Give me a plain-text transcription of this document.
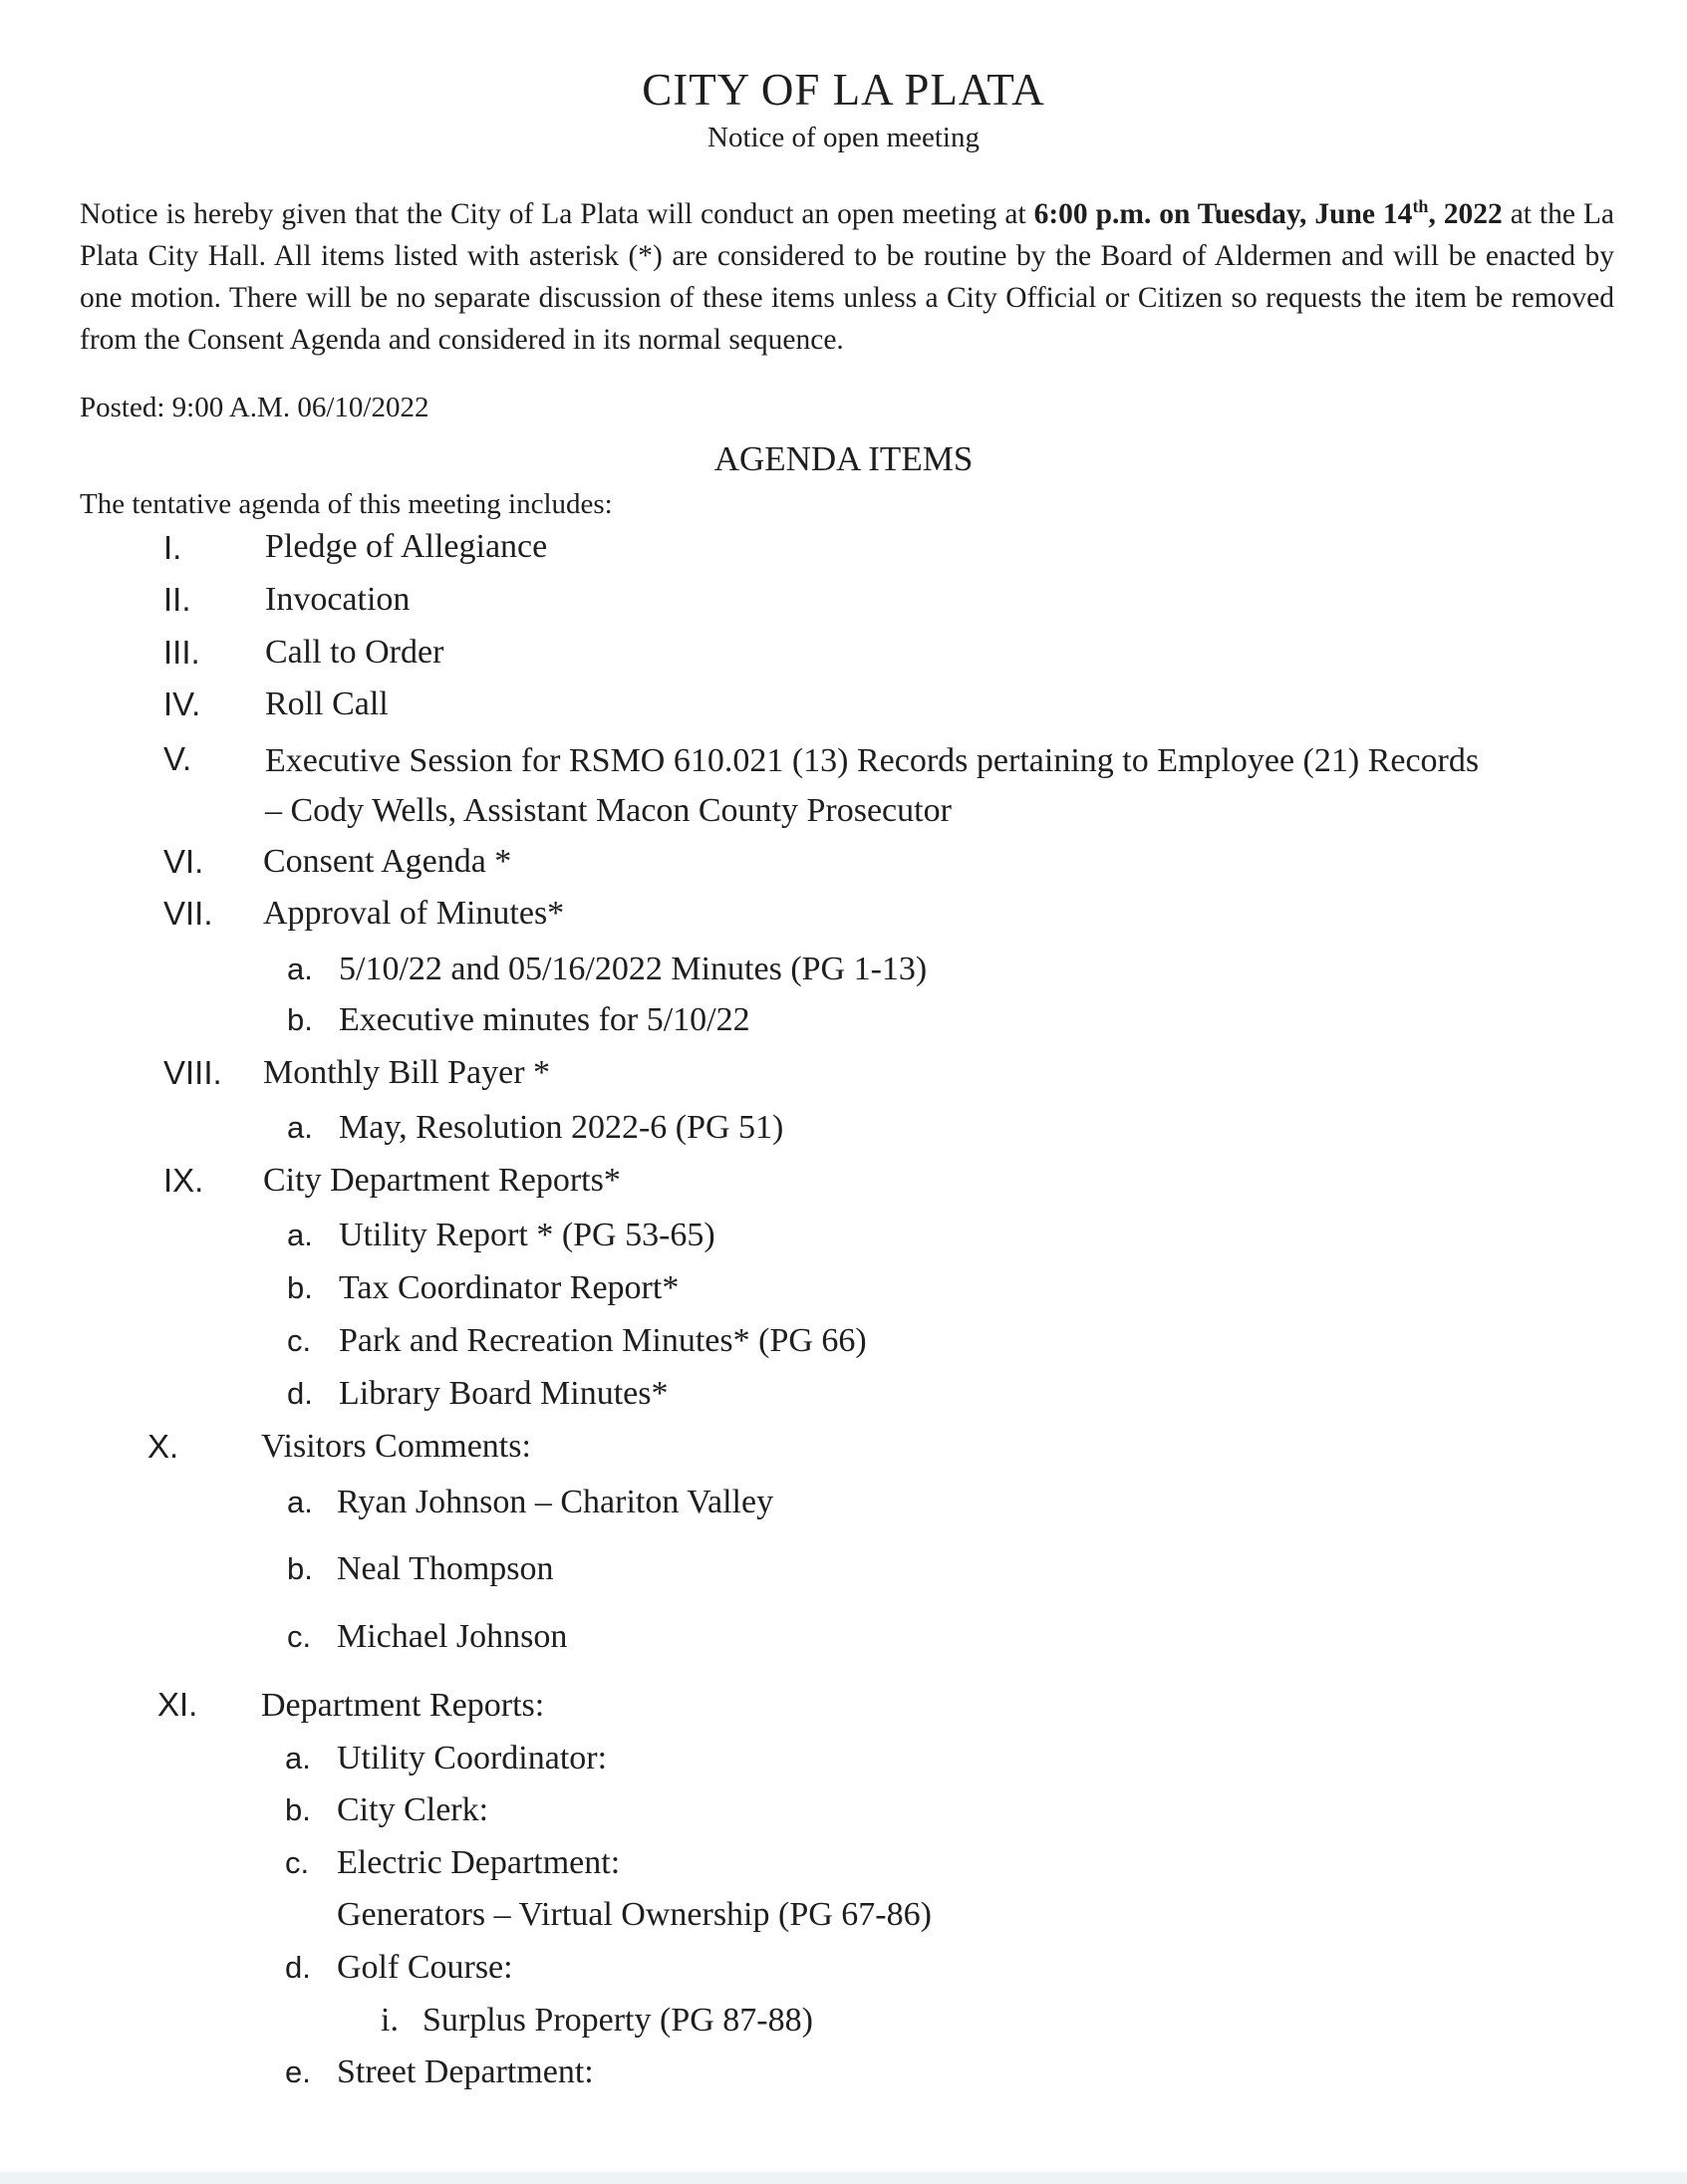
CITY OF LA PLATA
Notice of open meeting
Notice is hereby given that the City of La Plata will conduct an open meeting at 6:00 p.m. on Tuesday, June 14th, 2022 at the La Plata City Hall. All items listed with asterisk (*) are considered to be routine by the Board of Aldermen and will be enacted by one motion. There will be no separate discussion of these items unless a City Official or Citizen so requests the item be removed from the Consent Agenda and considered in its normal sequence.
Posted: 9:00 A.M. 06/10/2022
AGENDA ITEMS
The tentative agenda of this meeting includes:
I. Pledge of Allegiance
II. Invocation
III. Call to Order
IV. Roll Call
V. Executive Session for RSMO 610.021 (13) Records pertaining to Employee (21) Records
– Cody Wells, Assistant Macon County Prosecutor
VI. Consent Agenda *
VII. Approval of Minutes*
a. 5/10/22 and 05/16/2022 Minutes (PG 1-13)
b. Executive minutes for 5/10/22
VIII. Monthly Bill Payer *
a. May, Resolution 2022-6 (PG 51)
IX. City Department Reports*
a. Utility Report * (PG 53-65)
b. Tax Coordinator Report*
c. Park and Recreation Minutes* (PG 66)
d. Library Board Minutes*
X. Visitors Comments:
a. Ryan Johnson – Chariton Valley
b. Neal Thompson
c. Michael Johnson
XI. Department Reports:
a. Utility Coordinator:
b. City Clerk:
c. Electric Department:
Generators – Virtual Ownership (PG 67-86)
d. Golf Course:
i. Surplus Property (PG 87-88)
e. Street Department:
